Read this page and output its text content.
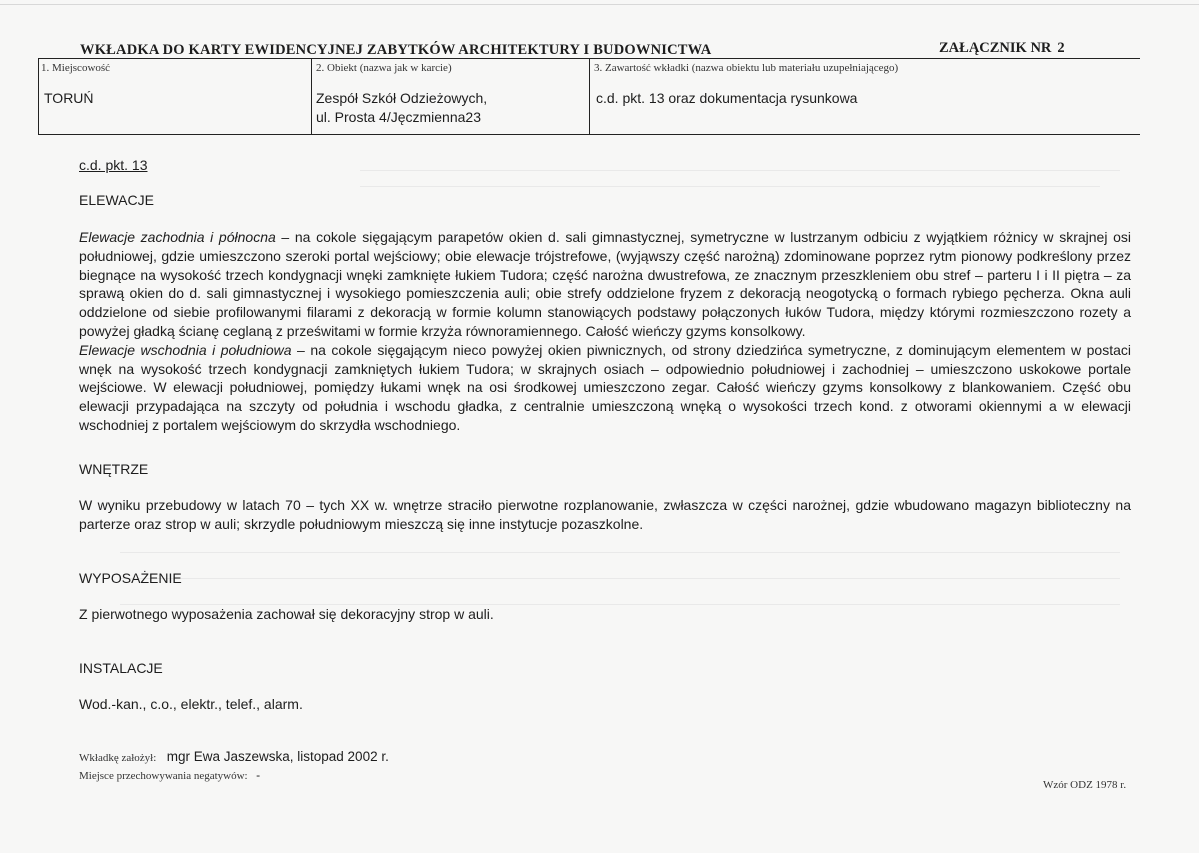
WKŁADKA DO KARTY EWIDENCYJNEJ ZABYTKÓW ARCHITEKTURY I BUDOWNICTWA	ZAŁĄCZNIK NR 2
1. Miejscowość
TORUŃ
2. Obiekt (nazwa jak w karcie)
Zespół Szkół Odzieżowych,
ul. Prosta 4/Jęczmienna23
3. Zawartość wkładki (nazwa obiektu lub materiału uzupełniającego)
c.d. pkt. 13 oraz dokumentacja rysunkowa
c.d. pkt. 13
ELEWACJE
Elewacje zachodnia i północna – na cokole sięgającym parapetów okien d. sali gimnastycznej, symetryczne w lustrzanym odbiciu z wyjątkiem różnicy w skrajnej osi południowej, gdzie umieszczono szeroki portal wejściowy; obie elewacje trójstrefowe, (wyjąwszy część narożną) zdominowane poprzez rytm pionowy podkreślony przez biegnące na wysokość trzech kondygnacji wnęki zamknięte łukiem Tudora; część narożna dwustrefowa, ze znacznym przeszkleniem obu stref – parteru I i II piętra – za sprawą okien do d. sali gimnastycznej i wysokiego pomieszczenia auli; obie strefy oddzielone fryzem z dekoracją neogotycką o formach rybiego pęcherza. Okna auli oddzielone od siebie profilowanymi filarami z dekoracją w formie kolumn stanowiących podstawy połączonych łuków Tudora, między którymi rozmieszczono rozety a powyżej gładką ścianę ceglaną z prześwitami w formie krzyża równoramiennego. Całość wieńczy gzyms konsolkowy.
Elewacje wschodnia i południowa – na cokole sięgającym nieco powyżej okien piwnicznych, od strony dziedzińca symetryczne, z dominującym elementem w postaci wnęk na wysokość trzech kondygnacji zamkniętych łukiem Tudora; w skrajnych osiach – odpowiednio południowej i zachodniej – umieszczono uskokowe portale wejściowe. W elewacji południowej, pomiędzy łukami wnęk na osi środkowej umieszczono zegar. Całość wieńczy gzyms konsolkowy z blankowaniem. Część obu elewacji przypadająca na szczyty od południa i wschodu gładka, z centralnie umieszczoną wnęką o wysokości trzech kond. z otworami okiennymi a w elewacji wschodniej z portalem wejściowym do skrzydła wschodniego.
WNĘTRZE
W wyniku przebudowy w latach 70 – tych XX w. wnętrze straciło pierwotne rozplanowanie, zwłaszcza w części narożnej, gdzie wbudowano magazyn biblioteczny na parterze oraz strop w auli; skrzydle południowym mieszczą się inne instytucje pozaszkolne.
WYPOSAŻENIE
Z pierwotnego wyposażenia zachował się dekoracyjny strop w auli.
INSTALACJE
Wod.-kan., c.o., elektr., telef., alarm.
Wkładkę założył: mgr Ewa Jaszewska, listopad 2002 r.
Miejsce przechowywania negatywów: -
Wzór ODZ 1978 r.
